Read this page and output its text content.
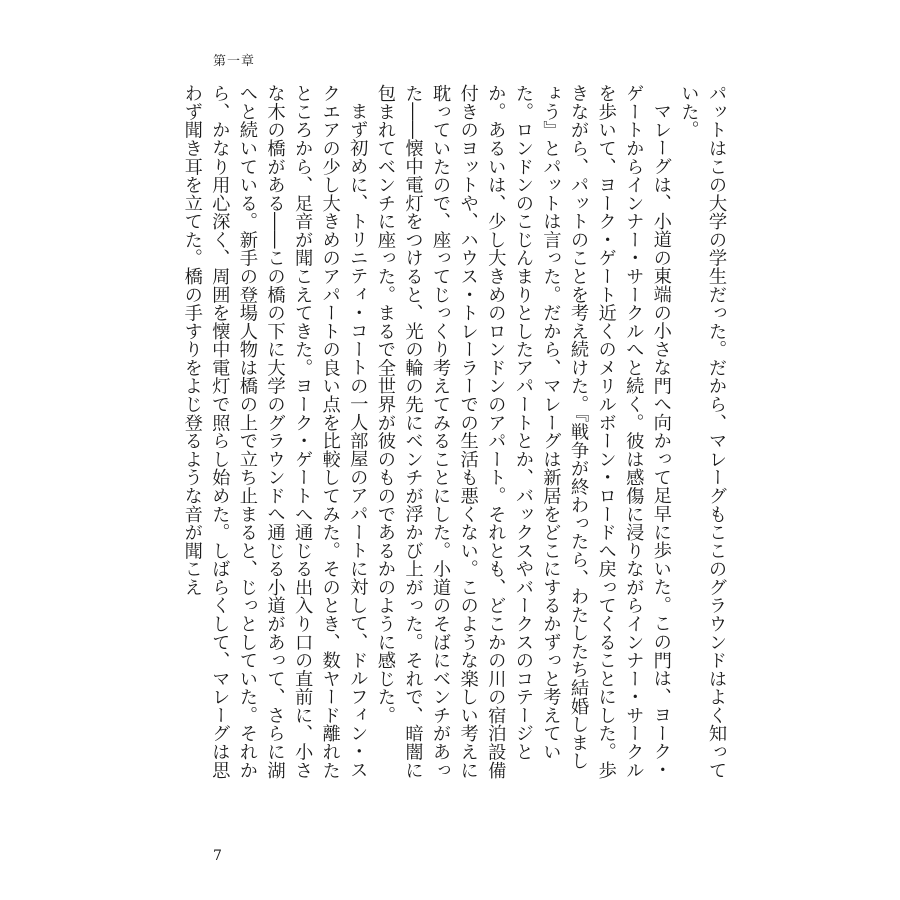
第一章

パットはこの大学の学生だった。だから、マレーグもここのグラウンドはよく知っていた。

マレーグは、小道の東端の小さな門へ向かって足早に歩いた。この門は、ヨーク・ゲートからインナー・サークルへと続く。彼は感傷に浸りながらインナー・サークルを歩いて、ヨーク・ゲート近くのメリルボーン・ロードへ戻ってくることにした。歩きながら、パットのことを考え続けた。『戦争が終わったら、わたしたち結婚しましょう』とパットは言った。だから、マレーグは新居をどこにするかずっと考えていた。ロンドンのこじんまりとしたアパートとか、バックスやバークスのコテージとか。あるいは、少し大きめのロンドンのアパート。それとも、どこかの川の宿泊設備付きのヨットや、ハウス・トレーラーでの生活も悪くない。このような楽しい考えに耽っていたので、座ってじっくり考えてみることにした。小道のそばにベンチがあった――懐中電灯をつけると、光の輪の先にベンチが浮かび上がった。それで、暗闇に包まれてベンチに座った。まるで全世界が彼のものであるかのように感じた。

まず初めに、トリニティ・コートの一人部屋のアパートに対して、ドルフィン・スクエアの少し大きめのアパートの良い点を比較してみた。そのとき、数ヤード離れたところから、足音が聞こえてきた。ヨーク・ゲートへ通じる出入り口の直前に、小さな木の橋がある――この橋の下に大学のグラウンドへ通じる小道があって、さらに湖へと続いている。新手の登場人物は橋の上で立ち止まると、じっとしていた。それから、かなり用心深く、周囲を懐中電灯で照らし始めた。しばらくして、マレーグは思わず聞き耳を立てた。橋の手すりをよじ登るような音が聞こえ

7
